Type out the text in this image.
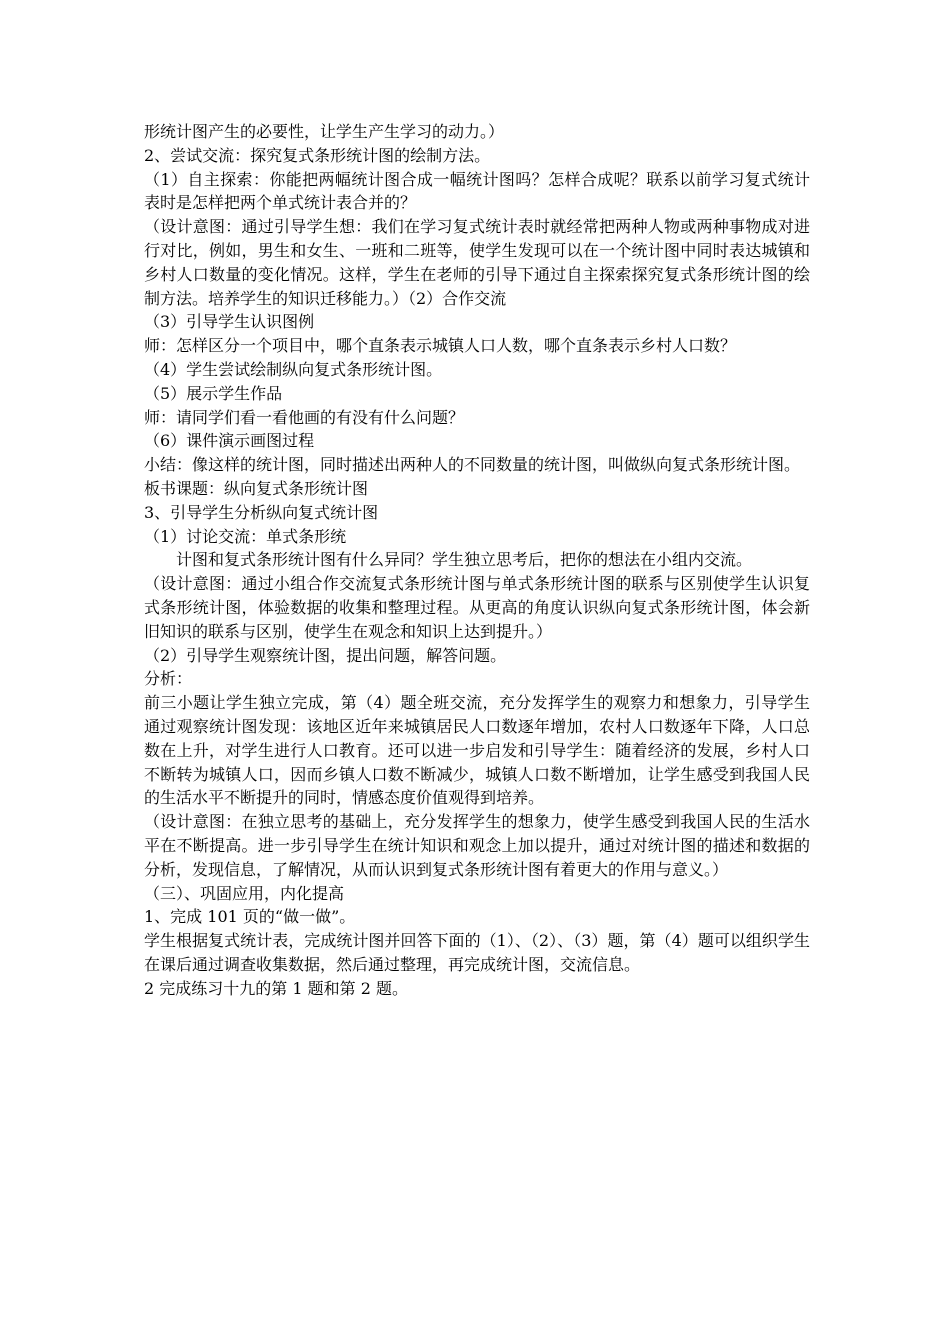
形统计图产生的必要性，让学生产生学习的动力。）

2、尝试交流：探究复式条形统计图的绘制方法。

（1）自主探索：你能把两幅统计图合成一幅统计图吗？怎样合成呢？联系以前学习复式统计表时是怎样把两个单式统计表合并的？

（设计意图：通过引导学生想：我们在学习复式统计表时就经常把两种人物或两种事物成对进行对比，例如，男生和女生、一班和二班等，使学生发现可以在一个统计图中同时表达城镇和乡村人口数量的变化情况。这样，学生在老师的引导下通过自主探索探究复式条形统计图的绘制方法。培养学生的知识迁移能力。）（2）合作交流

（3）引导学生认识图例

师：怎样区分一个项目中，哪个直条表示城镇人口人数，哪个直条表示乡村人口数？

（4）学生尝试绘制纵向复式条形统计图。

（5）展示学生作品

师：请同学们看一看他画的有没有什么问题？

（6）课件演示画图过程

小结：像这样的统计图，同时描述出两种人的不同数量的统计图，叫做纵向复式条形统计图。

板书课题：纵向复式条形统计图

3、引导学生分析纵向复式统计图

（1）讨论交流：单式条形统

计图和复式条形统计图有什么异同？学生独立思考后，把你的想法在小组内交流。

（设计意图：通过小组合作交流复式条形统计图与单式条形统计图的联系与区别使学生认识复式条形统计图，体验数据的收集和整理过程。从更高的角度认识纵向复式条形统计图，体会新旧知识的联系与区别，使学生在观念和知识上达到提升。）

（2）引导学生观察统计图，提出问题，解答问题。

分析：

前三小题让学生独立完成，第（4）题全班交流，充分发挥学生的观察力和想象力，引导学生通过观察统计图发现：该地区近年来城镇居民人口数逐年增加，农村人口数逐年下降，人口总数在上升，对学生进行人口教育。还可以进一步启发和引导学生：随着经济的发展，乡村人口不断转为城镇人口，因而乡镇人口数不断减少，城镇人口数不断增加，让学生感受到我国人民的生活水平不断提升的同时，情感态度价值观得到培养。

（设计意图：在独立思考的基础上，充分发挥学生的想象力，使学生感受到我国人民的生活水平在不断提高。进一步引导学生在统计知识和观念上加以提升，通过对统计图的描述和数据的分析，发现信息，了解情况，从而认识到复式条形统计图有着更大的作用与意义。）

（三）、巩固应用，内化提高

1、完成 101 页的“做一做”。

学生根据复式统计表，完成统计图并回答下面的（1）、（2）、（3）题，第（4）题可以组织学生在课后通过调查收集数据，然后通过整理，再完成统计图，交流信息。

2 完成练习十九的第 1 题和第 2 题。
